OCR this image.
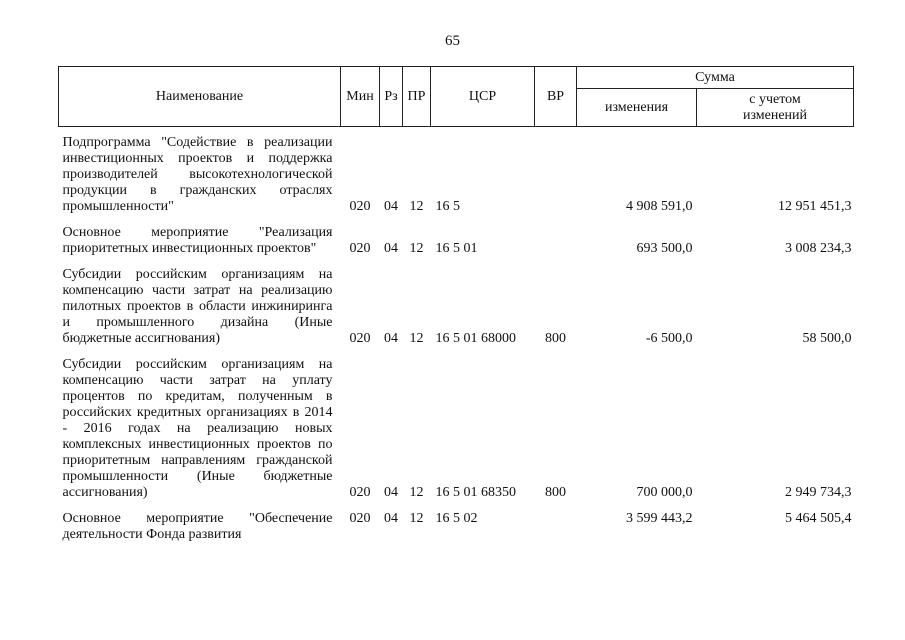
65
Наименование	Мин	Рз	ПР	ЦСР	ВР	Сумма	
						изменения	с учетом изменений
Подпрограмма "Содействие в реализации инвестиционных проектов и поддержка производителей высокотехнологической продукции в гражданских отраслях промышленности"	020	04	12	16 5		4 908 591,0	12 951 451,3
Основное мероприятие "Реализация приоритетных инвестиционных проектов"	020	04	12	16 5 01		693 500,0	3 008 234,3
Субсидии российским организациям на компенсацию части затрат на реализацию пилотных проектов в области инжиниринга и промышленного дизайна (Иные бюджетные ассигнования)	020	04	12	16 5 01 68000	800	-6 500,0	58 500,0
Субсидии российским организациям на компенсацию части затрат на уплату процентов по кредитам, полученным в российских кредитных организациях в 2014 - 2016 годах на реализацию новых комплексных инвестиционных проектов по приоритетным направлениям гражданской промышленности (Иные бюджетные ассигнования)	020	04	12	16 5 01 68350	800	700 000,0	2 949 734,3
Основное мероприятие "Обеспечение деятельности Фонда развития	020	04	12	16 5 02		3 599 443,2	5 464 505,4
